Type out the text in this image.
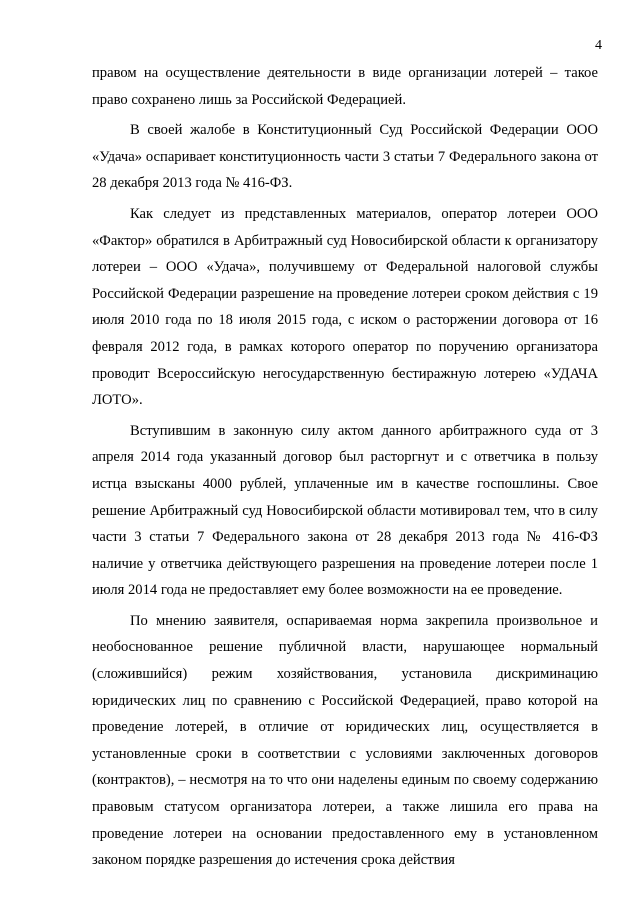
4

правом на осуществление деятельности в виде организации лотерей – такое право сохранено лишь за Российской Федерацией.

В своей жалобе в Конституционный Суд Российской Федерации ООО «Удача» оспаривает конституционность части 3 статьи 7 Федерального закона от 28 декабря 2013 года № 416-ФЗ.

Как следует из представленных материалов, оператор лотереи ООО «Фактор» обратился в Арбитражный суд Новосибирской области к организатору лотереи – ООО «Удача», получившему от Федеральной налоговой службы Российской Федерации разрешение на проведение лотереи сроком действия с 19 июля 2010 года по 18 июля 2015 года, с иском о расторжении договора от 16 февраля 2012 года, в рамках которого оператор по поручению организатора проводит Всероссийскую негосударственную бестиражную лотерею «УДАЧА ЛОТО».

Вступившим в законную силу актом данного арбитражного суда от 3 апреля 2014 года указанный договор был расторгнут и с ответчика в пользу истца взысканы 4000 рублей, уплаченные им в качестве госпошлины. Свое решение Арбитражный суд Новосибирской области мотивировал тем, что в силу части 3 статьи 7 Федерального закона от 28 декабря 2013 года № 416-ФЗ наличие у ответчика действующего разрешения на проведение лотереи после 1 июля 2014 года не предоставляет ему более возможности на ее проведение.

По мнению заявителя, оспариваемая норма закрепила произвольное и необоснованное решение публичной власти, нарушающее нормальный (сложившийся) режим хозяйствования, установила дискриминацию юридических лиц по сравнению с Российской Федерацией, право которой на проведение лотерей, в отличие от юридических лиц, осуществляется в установленные сроки в соответствии с условиями заключенных договоров (контрактов), – несмотря на то что они наделены единым по своему содержанию правовым статусом организатора лотереи, а также лишила его права на проведение лотереи на основании предоставленного ему в установленном законом порядке разрешения до истечения срока действия
